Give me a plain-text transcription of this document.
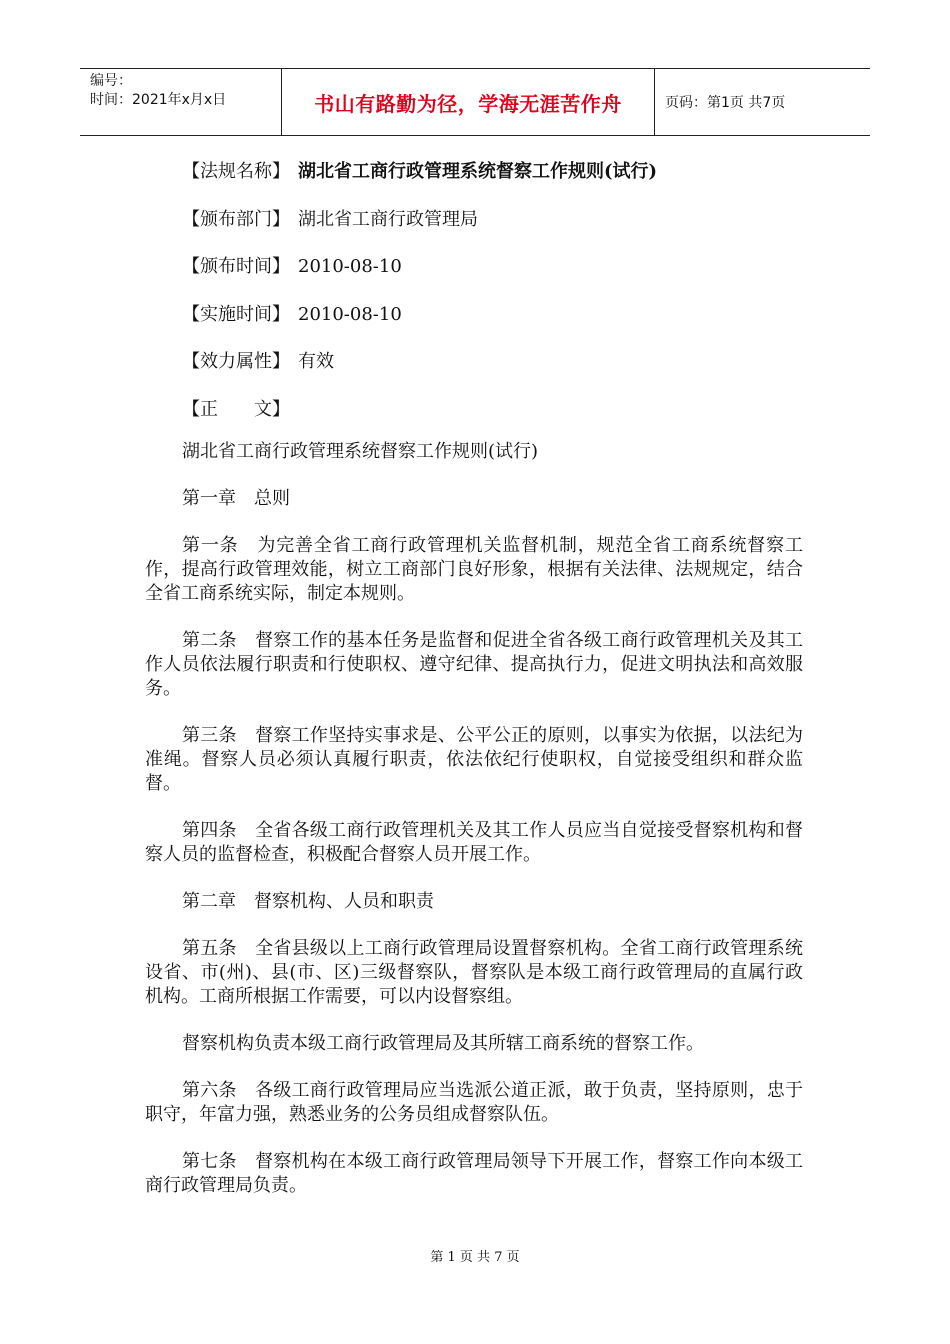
编号：
时间：2021年x月x日	书山有路勤为径，学海无涯苦作舟	页码：第1页 共7页
【法规名称】 湖北省工商行政管理系统督察工作规则(试行)
【颁布部门】 湖北省工商行政管理局
【颁布时间】 2010-08-10
【实施时间】 2010-08-10
【效力属性】 有效
【正　　文】

湖北省工商行政管理系统督察工作规则(试行)

第一章　总则

第一条　为完善全省工商行政管理机关监督机制，规范全省工商系统督察工作，提高行政管理效能，树立工商部门良好形象，根据有关法律、法规规定，结合全省工商系统实际，制定本规则。

第二条　督察工作的基本任务是监督和促进全省各级工商行政管理机关及其工作人员依法履行职责和行使职权、遵守纪律、提高执行力，促进文明执法和高效服务。

第三条　督察工作坚持实事求是、公平公正的原则，以事实为依据，以法纪为准绳。督察人员必须认真履行职责，依法依纪行使职权，自觉接受组织和群众监督。

第四条　全省各级工商行政管理机关及其工作人员应当自觉接受督察机构和督察人员的监督检查，积极配合督察人员开展工作。

第二章　督察机构、人员和职责

第五条　全省县级以上工商行政管理局设置督察机构。全省工商行政管理系统设省、市(州)、县(市、区)三级督察队，督察队是本级工商行政管理局的直属行政机构。工商所根据工作需要，可以内设督察组。

督察机构负责本级工商行政管理局及其所辖工商系统的督察工作。

第六条　各级工商行政管理局应当选派公道正派，敢于负责，坚持原则，忠于职守，年富力强，熟悉业务的公务员组成督察队伍。

第七条　督察机构在本级工商行政管理局领导下开展工作，督察工作向本级工商行政管理局负责。

第 1 页 共 7 页
